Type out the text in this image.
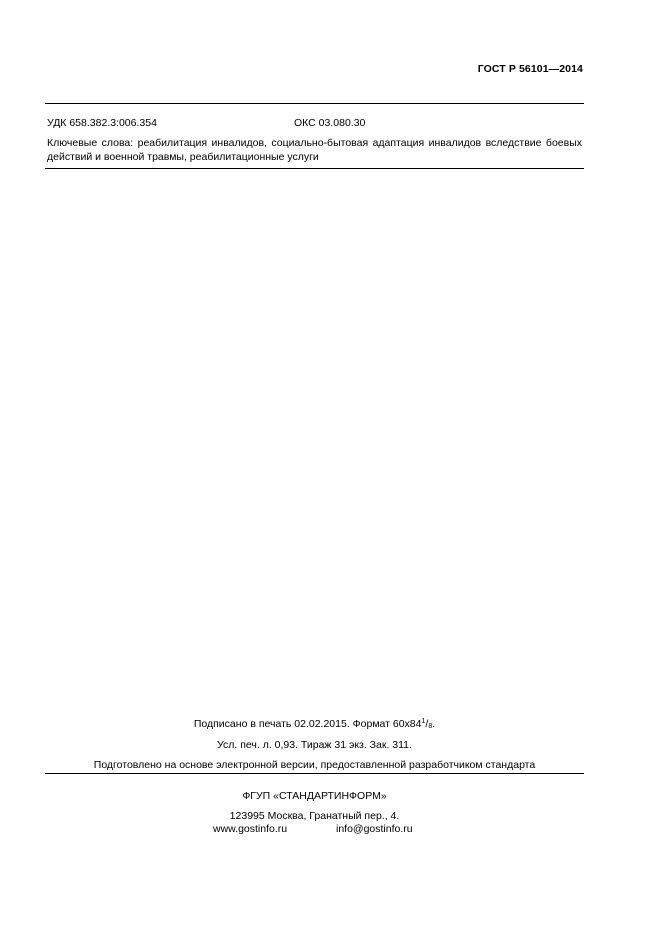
ГОСТ Р 56101—2014
УДК 658.382.3:006.354	ОКС 03.080.30
Ключевые слова: реабилитация инвалидов, социально-бытовая адаптация инвалидов вследствие боевых действий и военной травмы, реабилитационные услуги
Подписано в печать 02.02.2015. Формат $60х84^1/_8$.
Усл. печ. л. 0,93. Тираж 31 экз. Зак. 311.
Подготовлено на основе электронной версии, предоставленной разработчиком стандарта
ФГУП «СТАНДАРТИНФОРМ»
123995 Москва, Гранатный пер., 4.
www.gostinfo.ru	info@gostinfo.ru
